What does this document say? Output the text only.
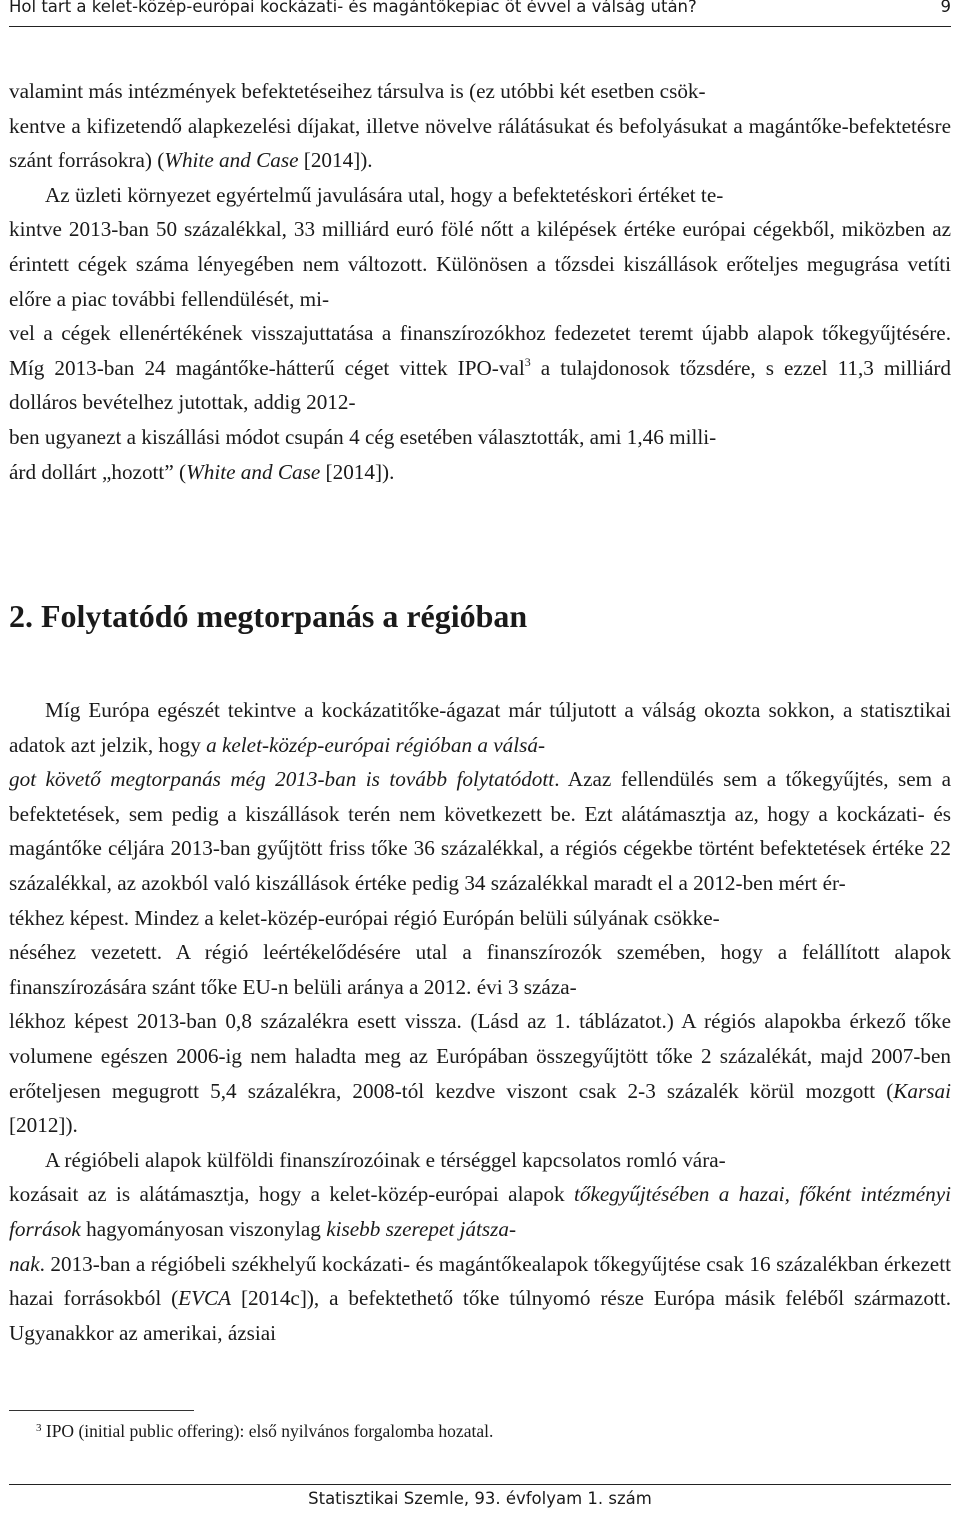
Hol tart a kelet-közép-európai kockázati- és magántőkepiac öt évvel a válság után?	9

valamint más intézmények befektetéseihez társulva is (ez utóbbi két esetben csök-
kentve a kifizetendő alapkezelési díjakat, illetve növelve rálátásukat és befolyásukat a magántőke-befektetésre szánt forrásokra) (White and Case [2014]).

Az üzleti környezet egyértelmű javulására utal, hogy a befektetéskori értéket te-
kintve 2013-ban 50 százalékkal, 33 milliárd euró fölé nőtt a kilépések értéke európai cégekből, miközben az érintett cégek száma lényegében nem változott. Különösen a tőzsdei kiszállások erőteljes megugrása vetíti előre a piac további fellendülését, mi-
vel a cégek ellenértékének visszajuttatása a finanszírozókhoz fedezetet teremt újabb alapok tőkegyűjtésére. Míg 2013-ban 24 magántőke-hátterű céget vittek IPO-val$^3$ a tulajdonosok tőzsdére, s ezzel 11,3 milliárd dolláros bevételhez jutottak, addig 2012-
ben ugyanezt a kiszállási módot csupán 4 cég esetében választották, ami 1,46 milli-
árd dollárt „hozott” (White and Case [2014]).

2. Folytatódó megtorpanás a régióban

Míg Európa egészét tekintve a kockázatitőke-ágazat már túljutott a válság okozta sokkon, a statisztikai adatok azt jelzik, hogy a kelet-közép-európai régióban a válsá-
got követő megtorpanás még 2013-ban is tovább folytatódott. Azaz fellendülés sem a tőkegyűjtés, sem a befektetések, sem pedig a kiszállások terén nem következett be. Ezt alátámasztja az, hogy a kockázati- és magántőke céljára 2013-ban gyűjtött friss tőke 36 százalékkal, a régiós cégekbe történt befektetések értéke 22 százalékkal, az azokból való kiszállások értéke pedig 34 százalékkal maradt el a 2012-ben mért ér-
tékhez képest. Mindez a kelet-közép-európai régió Európán belüli súlyának csökke-
néséhez vezetett. A régió leértékelődésére utal a finanszírozók szemében, hogy a felállított alapok finanszírozására szánt tőke EU-n belüli aránya a 2012. évi 3 száza-
lékhoz képest 2013-ban 0,8 százalékra esett vissza. (Lásd az 1. táblázatot.) A régiós alapokba érkező tőke volumene egészen 2006-ig nem haladta meg az Európában összegyűjtött tőke 2 százalékát, majd 2007-ben erőteljesen megugrott 5,4 százalékra, 2008-tól kezdve viszont csak 2-3 százalék körül mozgott (Karsai [2012]).

A régióbeli alapok külföldi finanszírozóinak e térséggel kapcsolatos romló vára-
kozásait az is alátámasztja, hogy a kelet-közép-európai alapok tőkegyűjtésében a hazai, főként intézményi források hagyományosan viszonylag kisebb szerepet játsza-
nak. 2013-ban a régióbeli székhelyű kockázati- és magántőkealapok tőkegyűjtése csak 16 százalékban érkezett hazai forrásokból (EVCA [2014c]), a befektethető tőke túlnyomó része Európa másik feléből származott. Ugyanakkor az amerikai, ázsiai

$^3$ IPO (initial public offering): első nyilvános forgalomba hozatal.
Statisztikai Szemle, 93. évfolyam 1. szám
